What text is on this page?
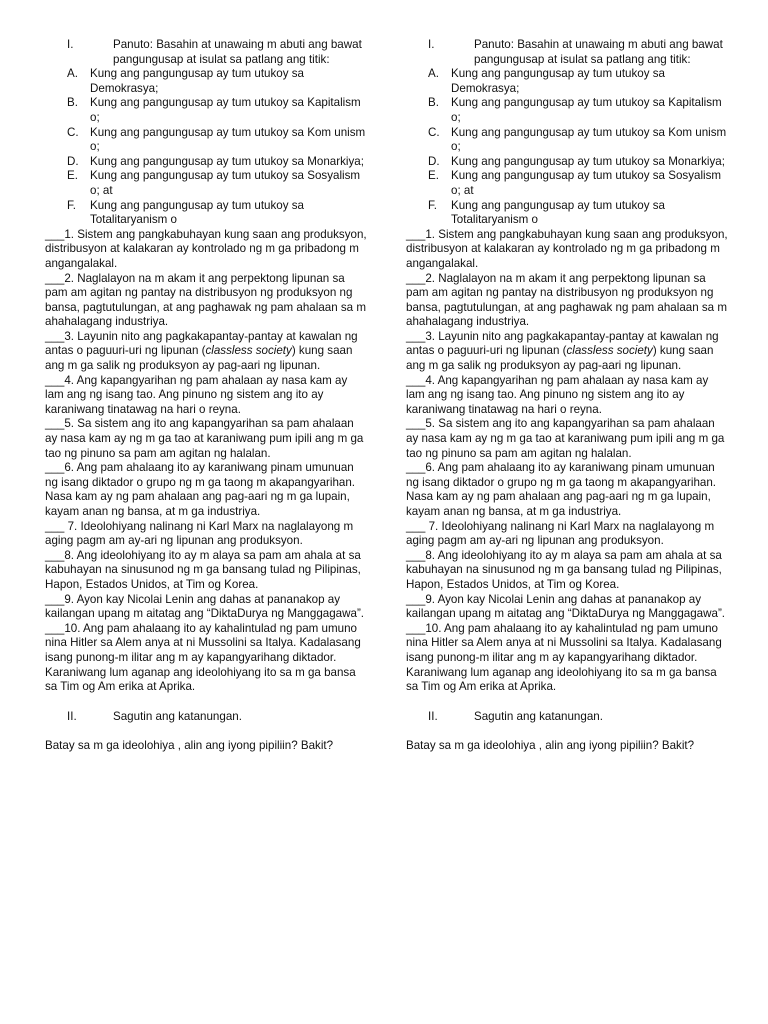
I.	Panuto: Basahin at unawaing m abuti ang bawat pangungusap at isulat sa patlang ang titik:
A. Kung ang pangungusap ay tum utukoy sa Demokrasya;
B. Kung ang pangungusap ay tum utukoy sa Kapitalism o;
C. Kung ang pangungusap ay tum utukoy sa Kom unism o;
D. Kung ang pangungusap ay tum utukoy sa Monarkiya;
E. Kung ang pangungusap ay tum utukoy sa Sosyalism o; at
F. Kung ang pangungusap ay tum utukoy sa Totalitaryanism o

___1. Sistem ang pangkabuhayan kung saan ang produksyon, distribusyon at kalakaran ay kontrolado ng m ga pribadong m angangalakal.

___2. Naglalayon na m akam it ang perpektong lipunan sa pam am agitan ng pantay na distribusyon ng produksyon ng bansa, pagtutulungan, at ang paghawak ng pam ahalaan sa m ahahalagang industriya.

___3. Layunin nito ang pagkakapantay-pantay at kawalan ng antas o paguuri-uri ng lipunan (classless society) kung saan ang m ga salik ng produksyon ay pag-aari ng lipunan.

___4. Ang kapangyarihan ng pam ahalaan ay nasa kam ay lam ang ng isang tao. Ang pinuno ng sistem ang ito ay karaniwang tinatawag na hari o reyna.

___5. Sa sistem ang ito ang kapangyarihan sa pam ahalaan ay nasa kam ay ng m ga tao at karaniwang pum ipili ang m ga tao ng pinuno sa pam am agitan ng halalan.

___6. Ang pam ahalaang ito ay karaniwang pinam umunuan ng isang diktador o grupo ng m ga taong m akapangyarihan. Nasa kam ay ng pam ahalaan ang pag-aari ng m ga lupain, kayam anan ng bansa, at m ga industriya.

___ 7. Ideolohiyang nalinang ni Karl Marx na naglalayong m aging pagm am ay-ari ng lipunan ang produksyon.

___8. Ang ideolohiyang ito ay m alaya sa pam am ahala at sa kabuhayan na sinusunod ng m ga bansang tulad ng Pilipinas, Hapon, Estados Unidos, at Tim og Korea.

___9. Ayon kay Nicolai Lenin ang dahas at pananakop ay kailangan upang m aitatag ang “DiktaDurya ng Manggagawa”.

___10. Ang pam ahalaang ito ay kahalintulad ng pam umuno nina Hitler sa Alem anya at ni Mussolini sa Italya. Kadalasang isang punong-m ilitar ang m ay kapangyarihang diktador. Karaniwang lum aganap ang ideolohiyang ito sa m ga bansa sa Tim og Am erika at Aprika.

II.	Sagutin ang katanungan.

Batay sa m ga ideolohiya , alin ang iyong pipiliin? Bakit?

I.	Panuto: Basahin at unawaing m abuti ang bawat pangungusap at isulat sa patlang ang titik:
A. Kung ang pangungusap ay tum utukoy sa Demokrasya;
B. Kung ang pangungusap ay tum utukoy sa Kapitalism o;
C. Kung ang pangungusap ay tum utukoy sa Kom unism o;
D. Kung ang pangungusap ay tum utukoy sa Monarkiya;
E. Kung ang pangungusap ay tum utukoy sa Sosyalism o; at
F. Kung ang pangungusap ay tum utukoy sa Totalitaryanism o

___1. Sistem ang pangkabuhayan kung saan ang produksyon, distribusyon at kalakaran ay kontrolado ng m ga pribadong m angangalakal.

___2. Naglalayon na m akam it ang perpektong lipunan sa pam am agitan ng pantay na distribusyon ng produksyon ng bansa, pagtutulungan, at ang paghawak ng pam ahalaan sa m ahahalagang industriya.

___3. Layunin nito ang pagkakapantay-pantay at kawalan ng antas o paguuri-uri ng lipunan (classless society) kung saan ang m ga salik ng produksyon ay pag-aari ng lipunan.

___4. Ang kapangyarihan ng pam ahalaan ay nasa kam ay lam ang ng isang tao. Ang pinuno ng sistem ang ito ay karaniwang tinatawag na hari o reyna.

___5. Sa sistem ang ito ang kapangyarihan sa pam ahalaan ay nasa kam ay ng m ga tao at karaniwang pum ipili ang m ga tao ng pinuno sa pam am agitan ng halalan.

___6. Ang pam ahalaang ito ay karaniwang pinam umunuan ng isang diktador o grupo ng m ga taong m akapangyarihan. Nasa kam ay ng pam ahalaan ang pag-aari ng m ga lupain, kayam anan ng bansa, at m ga industriya.

___ 7. Ideolohiyang nalinang ni Karl Marx na naglalayong m aging pagm am ay-ari ng lipunan ang produksyon.

___8. Ang ideolohiyang ito ay m alaya sa pam am ahala at sa kabuhayan na sinusunod ng m ga bansang tulad ng Pilipinas, Hapon, Estados Unidos, at Tim og Korea.

___9. Ayon kay Nicolai Lenin ang dahas at pananakop ay kailangan upang m aitatag ang “DiktaDurya ng Manggagawa”.

___10. Ang pam ahalaang ito ay kahalintulad ng pam umuno nina Hitler sa Alem anya at ni Mussolini sa Italya. Kadalasang isang punong-m ilitar ang m ay kapangyarihang diktador. Karaniwang lum aganap ang ideolohiyang ito sa m ga bansa sa Tim og Am erika at Aprika.

II.	Sagutin ang katanungan.

Batay sa m ga ideolohiya , alin ang iyong pipiliin? Bakit?
